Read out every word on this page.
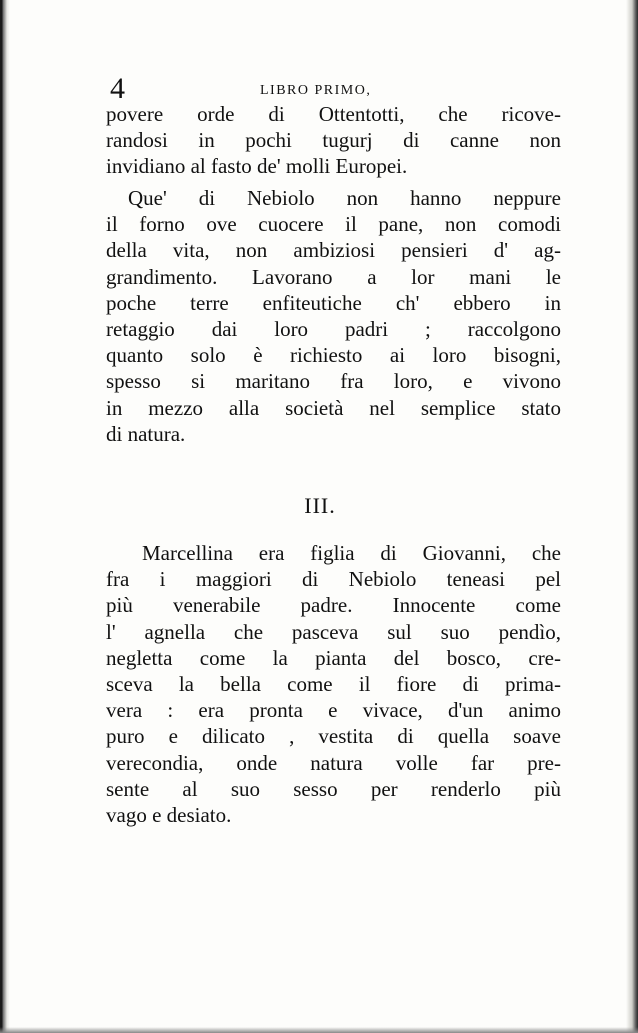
4	LIBRO PRIMO,
povere orde di Ottentotti, che ricove-
randosi in pochi tugurj di canne non
invidiano al fasto de' molli Europei.
Que' di Nebiolo non hanno neppure
il forno ove cuocere il pane, non comodi
della vita, non ambiziosi pensieri d' ag-
grandimento. Lavorano a lor mani le
poche terre enfiteutiche ch' ebbero in
retaggio dai loro padri ; raccolgono
quanto solo è richiesto ai loro bisogni,
spesso si maritano fra loro, e vivono
in mezzo alla società nel semplice stato
di natura.
III.
Marcellina era figlia di Giovanni, che
fra i maggiori di Nebiolo teneasi pel
più venerabile padre. Innocente come
l' agnella che pasceva sul suo pendìo,
negletta come la pianta del bosco, cre-
sceva la bella come il fiore di prima-
vera : era pronta e vivace, d'un animo
puro e dilicato , vestita di quella soave
verecondia, onde natura volle far pre-
sente al suo sesso per renderlo più
vago e desiato.
